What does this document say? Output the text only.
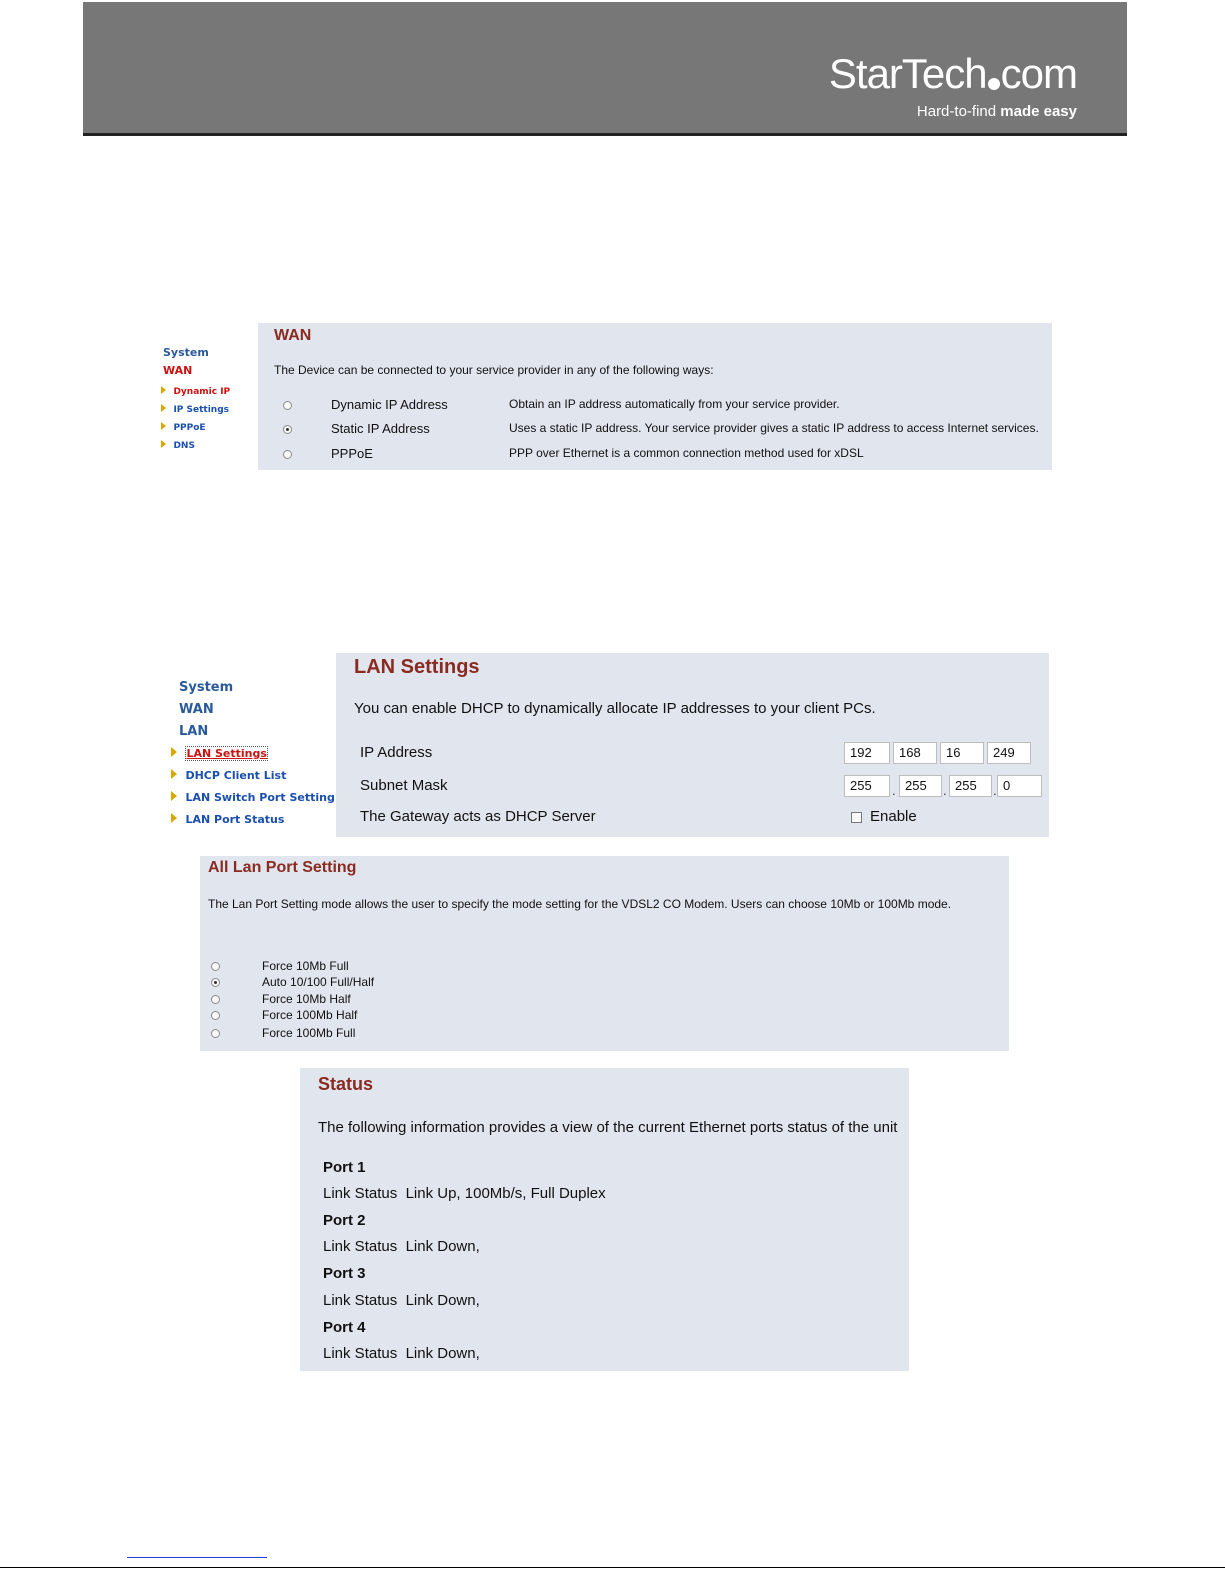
StarTech com
Hard-to-find made easy
System
WAN
Dynamic IP
IP Settings
PPPoE
DNS
WAN
The Device can be connected to your service provider in any of the following ways:
Dynamic IP Address	Obtain an IP address automatically from your service provider.
Static IP Address	Uses a static IP address. Your service provider gives a static IP address to access Internet services.
PPPoE	PPP over Ethernet is a common connection method used for xDSL
System
WAN
LAN
LAN Settings
DHCP Client List
LAN Switch Port Setting
LAN Port Status
LAN Settings
You can enable DHCP to dynamically allocate IP addresses to your client PCs.
IP Address	192	168	16	249
Subnet Mask	255	. 255	. 255	. 0
The Gateway acts as DHCP Server	Enable
All Lan Port Setting
The Lan Port Setting mode allows the user to specify the mode setting for the VDSL2 CO Modem. Users can choose 10Mb or 100Mb mode.
Force 10Mb Full
Auto 10/100 Full/Half
Force 10Mb Half
Force 100Mb Half
Force 100Mb Full
Status
The following information provides a view of the current Ethernet ports status of the unit
Port 1
Link Status Link Up, 100Mb/s, Full Duplex
Port 2
Link Status Link Down,
Port 3
Link Status Link Down,
Port 4
Link Status Link Down,
